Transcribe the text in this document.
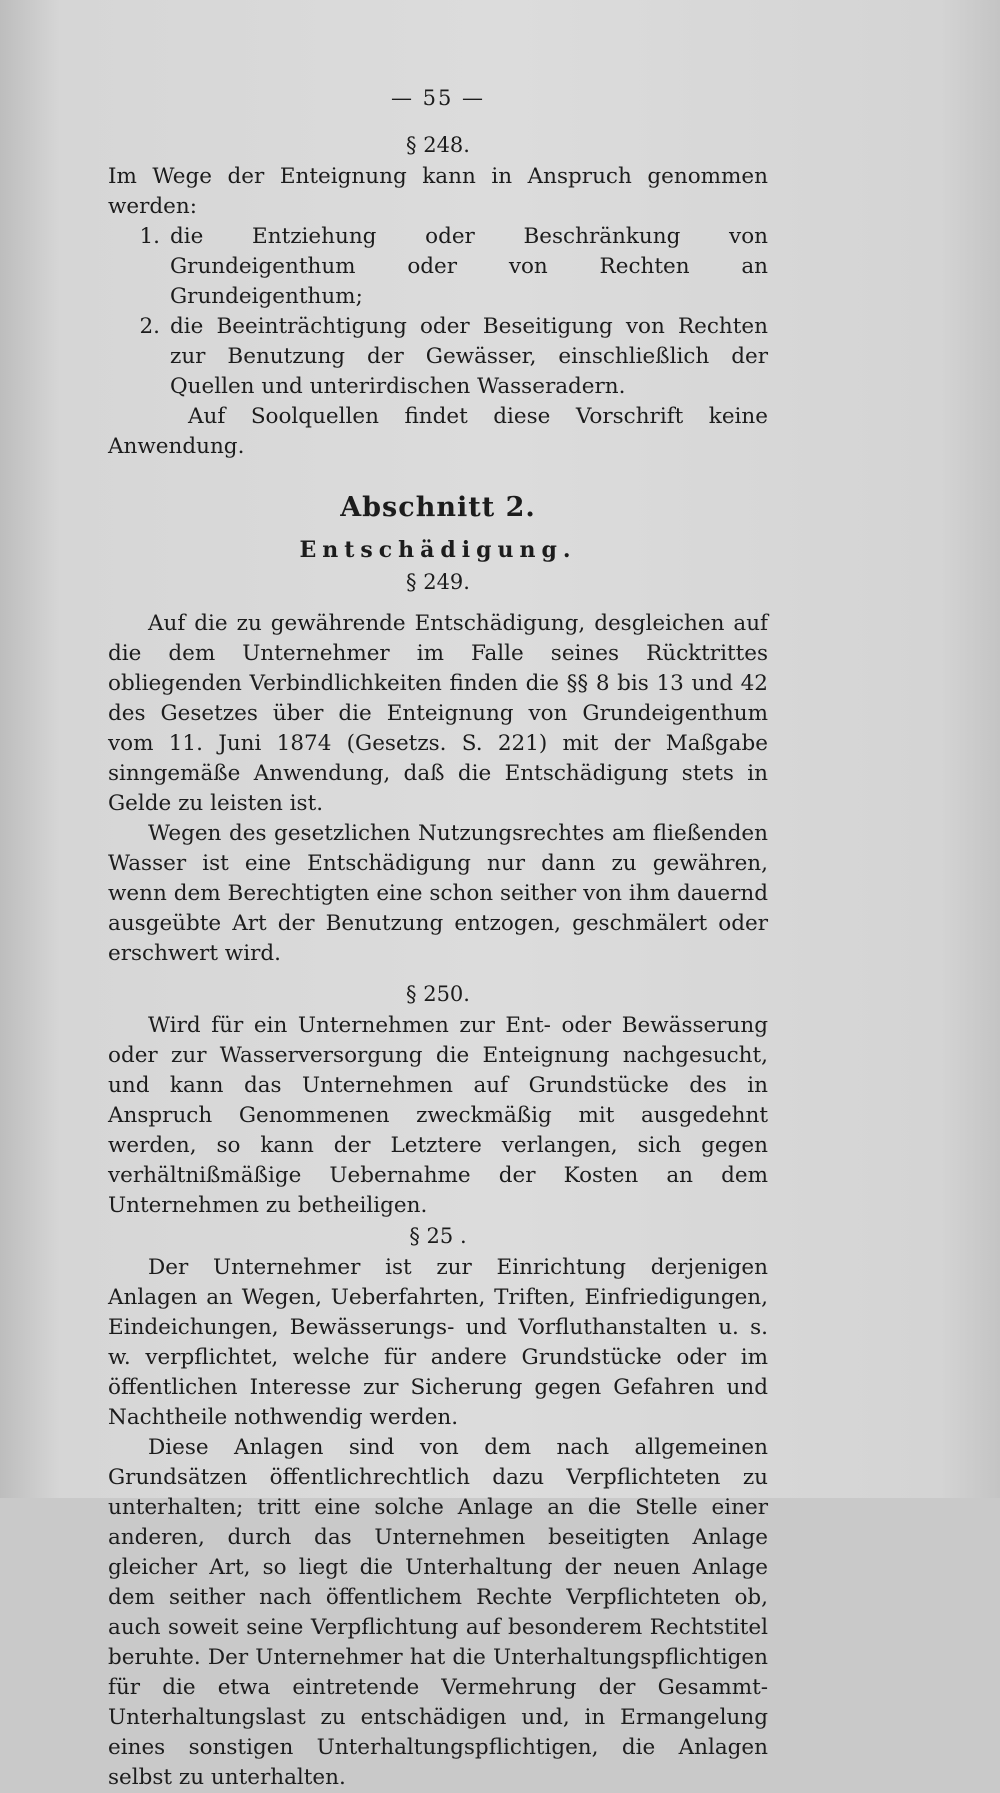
— 55 —
§ 248.

Im Wege der Enteignung kann in Anspruch genommen werden:

1. die Entziehung oder Beschränkung von Grundeigenthum oder von Rechten an Grundeigenthum;
2. die Beeinträchtigung oder Beseitigung von Rechten zur Benutzung der Gewässer, einschließlich der Quellen und unterirdischen Wasseradern.

Auf Soolquellen findet diese Vorschrift keine Anwendung.

Abschnitt 2.
Entschädigung.
§ 249.

Auf die zu gewährende Entschädigung, desgleichen auf die dem Unternehmer im Falle seines Rücktrittes obliegenden Verbindlichkeiten finden die §§ 8 bis 13 und 42 des Gesetzes über die Enteignung von Grundeigenthum vom 11. Juni 1874 (Gesetzs. S. 221) mit der Maßgabe sinngemäße Anwendung, daß die Entschädigung stets in Gelde zu leisten ist.

Wegen des gesetzlichen Nutzungsrechtes am fließenden Wasser ist eine Entschädigung nur dann zu gewähren, wenn dem Berechtigten eine schon seither von ihm dauernd ausgeübte Art der Benutzung entzogen, geschmälert oder erschwert wird.

§ 250.

Wird für ein Unternehmen zur Ent- oder Bewässerung oder zur Wasserversorgung die Enteignung nachgesucht, und kann das Unternehmen auf Grundstücke des in Anspruch Genommenen zweckmäßig mit ausgedehnt werden, so kann der Letztere verlangen, sich gegen verhältnißmäßige Uebernahme der Kosten an dem Unternehmen zu betheiligen.

§ 25 .

Der Unternehmer ist zur Einrichtung derjenigen Anlagen an Wegen, Ueberfahrten, Triften, Einfriedigungen, Eindeichungen, Bewässerungs- und Vorfluthanstalten u. s. w. verpflichtet, welche für andere Grundstücke oder im öffentlichen Interesse zur Sicherung gegen Gefahren und Nachtheile nothwendig werden.

Diese Anlagen sind von dem nach allgemeinen Grundsätzen öffentlichrechtlich dazu Verpflichteten zu unterhalten; tritt eine solche Anlage an die Stelle einer anderen, durch das Unternehmen beseitigten Anlage gleicher Art, so liegt die Unterhaltung der neuen Anlage dem seither nach öffentlichem Rechte Verpflichteten ob, auch soweit seine Verpflichtung auf besonderem Rechtstitel beruhte. Der Unternehmer hat die Unterhaltungspflichtigen für die etwa eintretende Vermehrung der Gesammt-Unterhaltungslast zu entschädigen und, in Ermangelung eines sonstigen Unterhaltungspflichtigen, die Anlagen selbst zu unterhalten.
